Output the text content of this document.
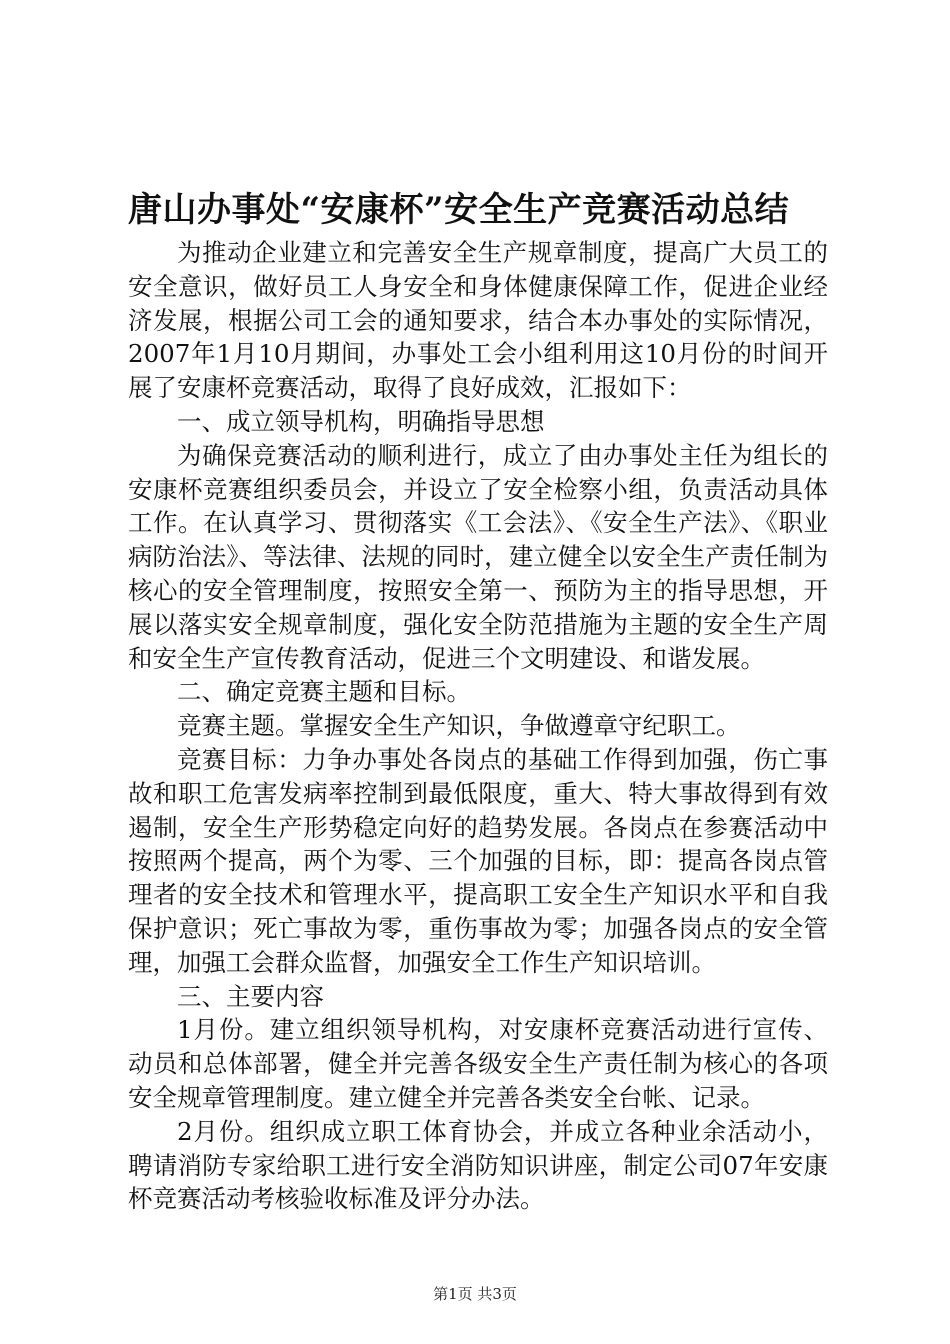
唐山办事处“安康杯”安全生产竞赛活动总结

为推动企业建立和完善安全生产规章制度，提高广大员工的安全意识，做好员工人身安全和身体健康保障工作，促进企业经济发展，根据公司工会的通知要求，结合本办事处的实际情况，2007年1月10月期间，办事处工会小组利用这10月份的时间开展了安康杯竞赛活动，取得了良好成效，汇报如下：

一、成立领导机构，明确指导思想

为确保竞赛活动的顺利进行，成立了由办事处主任为组长的安康杯竞赛组织委员会，并设立了安全检察小组，负责活动具体工作。在认真学习、贯彻落实《工会法》、《安全生产法》、《职业病防治法》、等法律、法规的同时，建立健全以安全生产责任制为核心的安全管理制度，按照安全第一、预防为主的指导思想，开展以落实安全规章制度，强化安全防范措施为主题的安全生产周和安全生产宣传教育活动，促进三个文明建设、和谐发展。

二、确定竞赛主题和目标。

竞赛主题。掌握安全生产知识，争做遵章守纪职工。

竞赛目标：力争办事处各岗点的基础工作得到加强，伤亡事故和职工危害发病率控制到最低限度，重大、特大事故得到有效遏制，安全生产形势稳定向好的趋势发展。各岗点在参赛活动中按照两个提高，两个为零、三个加强的目标，即：提高各岗点管理者的安全技术和管理水平，提高职工安全生产知识水平和自我保护意识；死亡事故为零，重伤事故为零；加强各岗点的安全管理，加强工会群众监督，加强安全工作生产知识培训。

三、主要内容

1月份。建立组织领导机构，对安康杯竞赛活动进行宣传、动员和总体部署，健全并完善各级安全生产责任制为核心的各项安全规章管理制度。建立健全并完善各类安全台帐、记录。

2月份。组织成立职工体育协会，并成立各种业余活动小，聘请消防专家给职工进行安全消防知识讲座，制定公司07年安康杯竞赛活动考核验收标准及评分办法。

第1页 共3页
